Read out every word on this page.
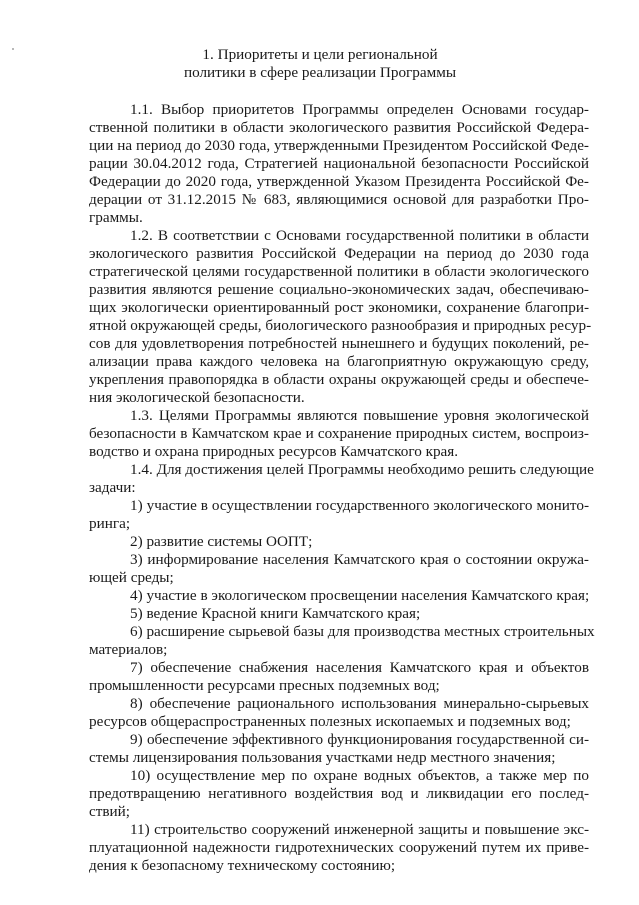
1. Приоритеты и цели региональной
политики в сфере реализации Программы
1.1. Выбор приоритетов Программы определен Основами государ-
ственной политики в области экологического развития Российской Федера-
ции на период до 2030 года, утвержденными Президентом Российской Феде-
рации 30.04.2012 года, Стратегией национальной безопасности Российской
Федерации до 2020 года, утвержденной Указом Президента Российской Фе-
дерации от 31.12.2015 № 683, являющимися основой для разработки Про-
граммы.
1.2. В соответствии с Основами государственной политики в области
экологического развития Российской Федерации на период до 2030 года
стратегической целями государственной политики в области экологического
развития являются решение социально-экономических задач, обеспечиваю-
щих экологически ориентированный рост экономики, сохранение благопри-
ятной окружающей среды, биологического разнообразия и природных ресур-
сов для удовлетворения потребностей нынешнего и будущих поколений, ре-
ализации права каждого человека на благоприятную окружающую среду,
укрепления правопорядка в области охраны окружающей среды и обеспече-
ния экологической безопасности.
1.3. Целями Программы являются повышение уровня экологической
безопасности в Камчатском крае и сохранение природных систем, воспроиз-
водство и охрана природных ресурсов Камчатского края.
1.4. Для достижения целей Программы необходимо решить следующие
задачи:
1) участие в осуществлении государственного экологического монито-
ринга;
2) развитие системы ООПТ;
3) информирование населения Камчатского края о состоянии окружа-
ющей среды;
4) участие в экологическом просвещении населения Камчатского края;
5) ведение Красной книги Камчатского края;
6) расширение сырьевой базы для производства местных строительных
материалов;
7) обеспечение снабжения населения Камчатского края и объектов
промышленности ресурсами пресных подземных вод;
8) обеспечение рационального использования минерально-сырьевых
ресурсов общераспространенных полезных ископаемых и подземных вод;
9) обеспечение эффективного функционирования государственной си-
стемы лицензирования пользования участками недр местного значения;
10) осуществление мер по охране водных объектов, а также мер по
предотвращению негативного воздействия вод и ликвидации его послед-
ствий;
11) строительство сооружений инженерной защиты и повышение экс-
плуатационной надежности гидротехнических сооружений путем их приве-
дения к безопасному техническому состоянию;
